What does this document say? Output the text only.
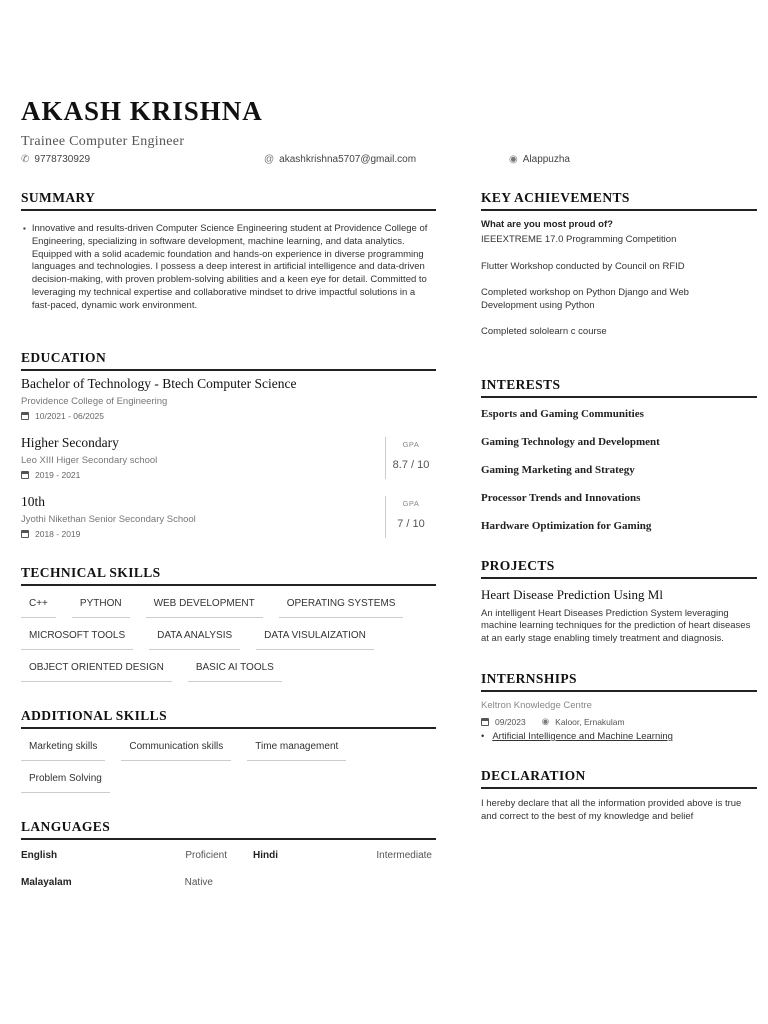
AKASH KRISHNA
Trainee Computer Engineer
✆ 9778730929	@ akashkrishna5707@gmail.com	◉ Alappuzha
SUMMARY
▪ Innovative and results-driven Computer Science Engineering student at Providence College of Engineering, specializing in software development, machine learning, and data analytics. Equipped with a solid academic foundation and hands-on experience in diverse programming languages and technologies. I possess a deep interest in artificial intelligence and data-driven decision-making, with proven problem-solving abilities and a keen eye for detail. Committed to leveraging my technical expertise and collaborative mindset to drive impactful solutions in a fast-paced, dynamic work environment.

EDUCATION
Bachelor of Technology - Btech Computer Science
Providence College of Engineering
10/2021 - 06/2025
Higher Secondary
Leo XIII Higer Secondary school
2019 - 2021
GPA
8.7 / 10
10th
Jyothi Nikethan Senior Secondary School
2018 - 2019
GPA
7 / 10
TECHNICAL SKILLS
C++	PYTHON	WEB DEVELOPMENT	OPERATING SYSTEMS
MICROSOFT TOOLS	DATA ANALYSIS	DATA VISULAIZATION
OBJECT ORIENTED DESIGN	BASIC AI TOOLS
ADDITIONAL SKILLS
Marketing skills	Communication skills	Time management
Problem Solving
LANGUAGES
English	Proficient	Hindi	Intermediate
Malayalam	Native
KEY ACHIEVEMENTS
What are you most proud of?
IEEEXTREME 17.0 Programming Competition
Flutter Workshop conducted by Council on RFID
Completed workshop on Python Django and Web Development using Python
Completed sololearn c course
INTERESTS
Esports and Gaming Communities
Gaming Technology and Development
Gaming Marketing and Strategy
Processor Trends and Innovations
Hardware Optimization for Gaming
PROJECTS
Heart Disease Prediction Using Ml
An intelligent Heart Diseases Prediction System leveraging machine learning techniques for the prediction of heart diseases at an early stage enabling timely treatment and diagnosis.
INTERNSHIPS
Keltron Knowledge Centre
09/2023 ◉ Kaloor, Ernakulam
• Artificial Intelligence and Machine Learning
DECLARATION
I hereby declare that all the information provided above is true and correct to the best of my knowledge and belief
